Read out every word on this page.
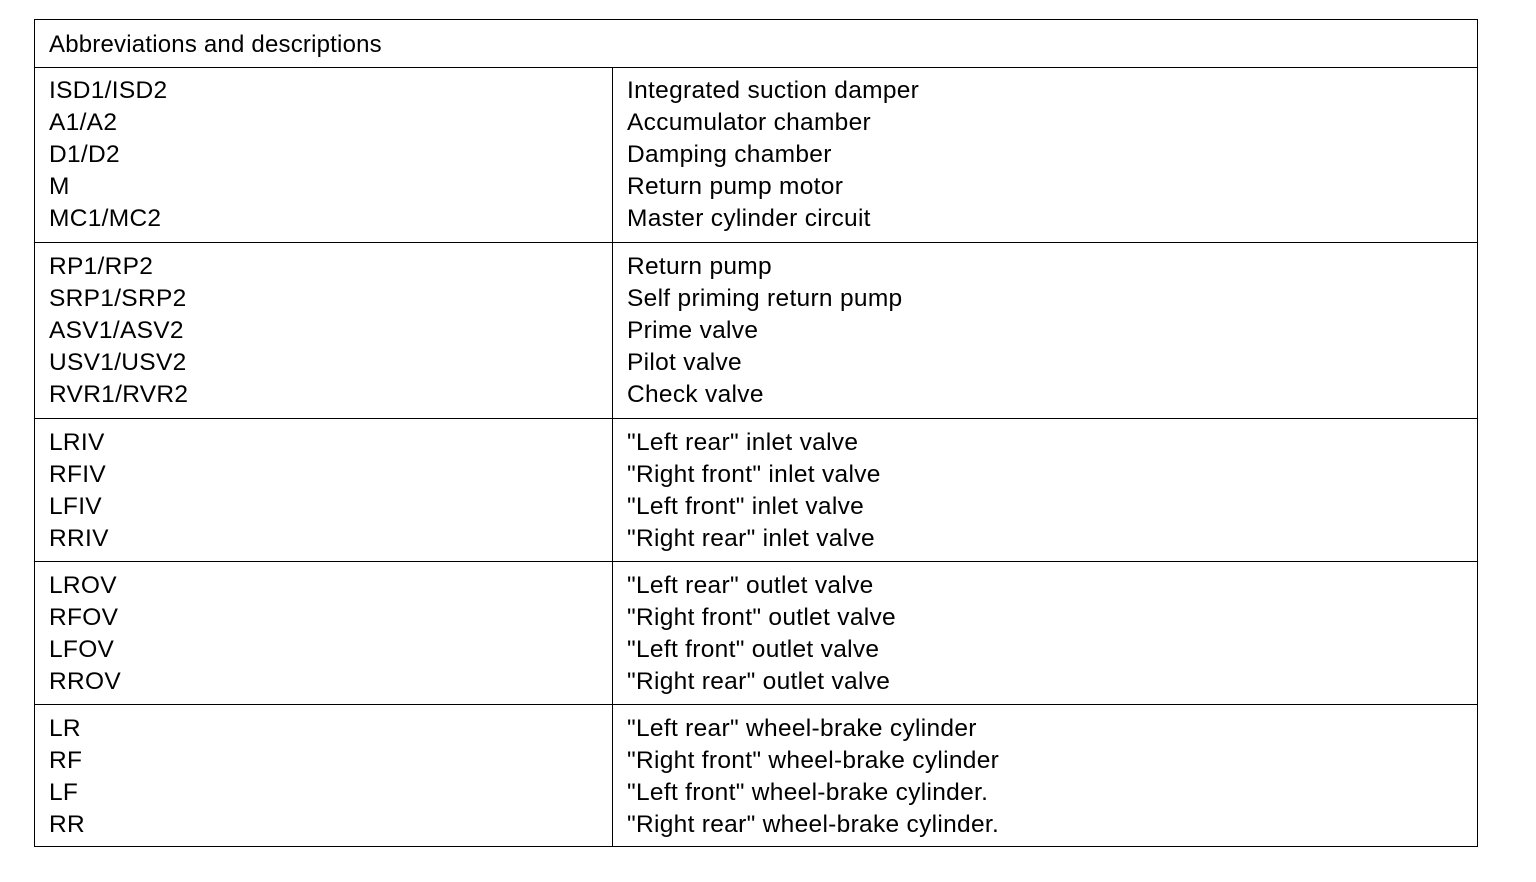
Abbreviations and descriptions
ISD1/ISD2
A1/A2
D1/D2
M
MC1/MC2
Integrated suction damper
Accumulator chamber
Damping chamber
Return pump motor
Master cylinder circuit
RP1/RP2
SRP1/SRP2
ASV1/ASV2
USV1/USV2
RVR1/RVR2
Return pump
Self priming return pump
Prime valve
Pilot valve
Check valve
LRIV
RFIV
LFIV
RRIV
"Left rear" inlet valve
"Right front" inlet valve
"Left front" inlet valve
"Right rear" inlet valve
LROV
RFOV
LFOV
RROV
"Left rear" outlet valve
"Right front" outlet valve
"Left front" outlet valve
"Right rear" outlet valve
LR
RF
LF
RR
"Left rear" wheel-brake cylinder
"Right front" wheel-brake cylinder
"Left front" wheel-brake cylinder.
"Right rear" wheel-brake cylinder.
